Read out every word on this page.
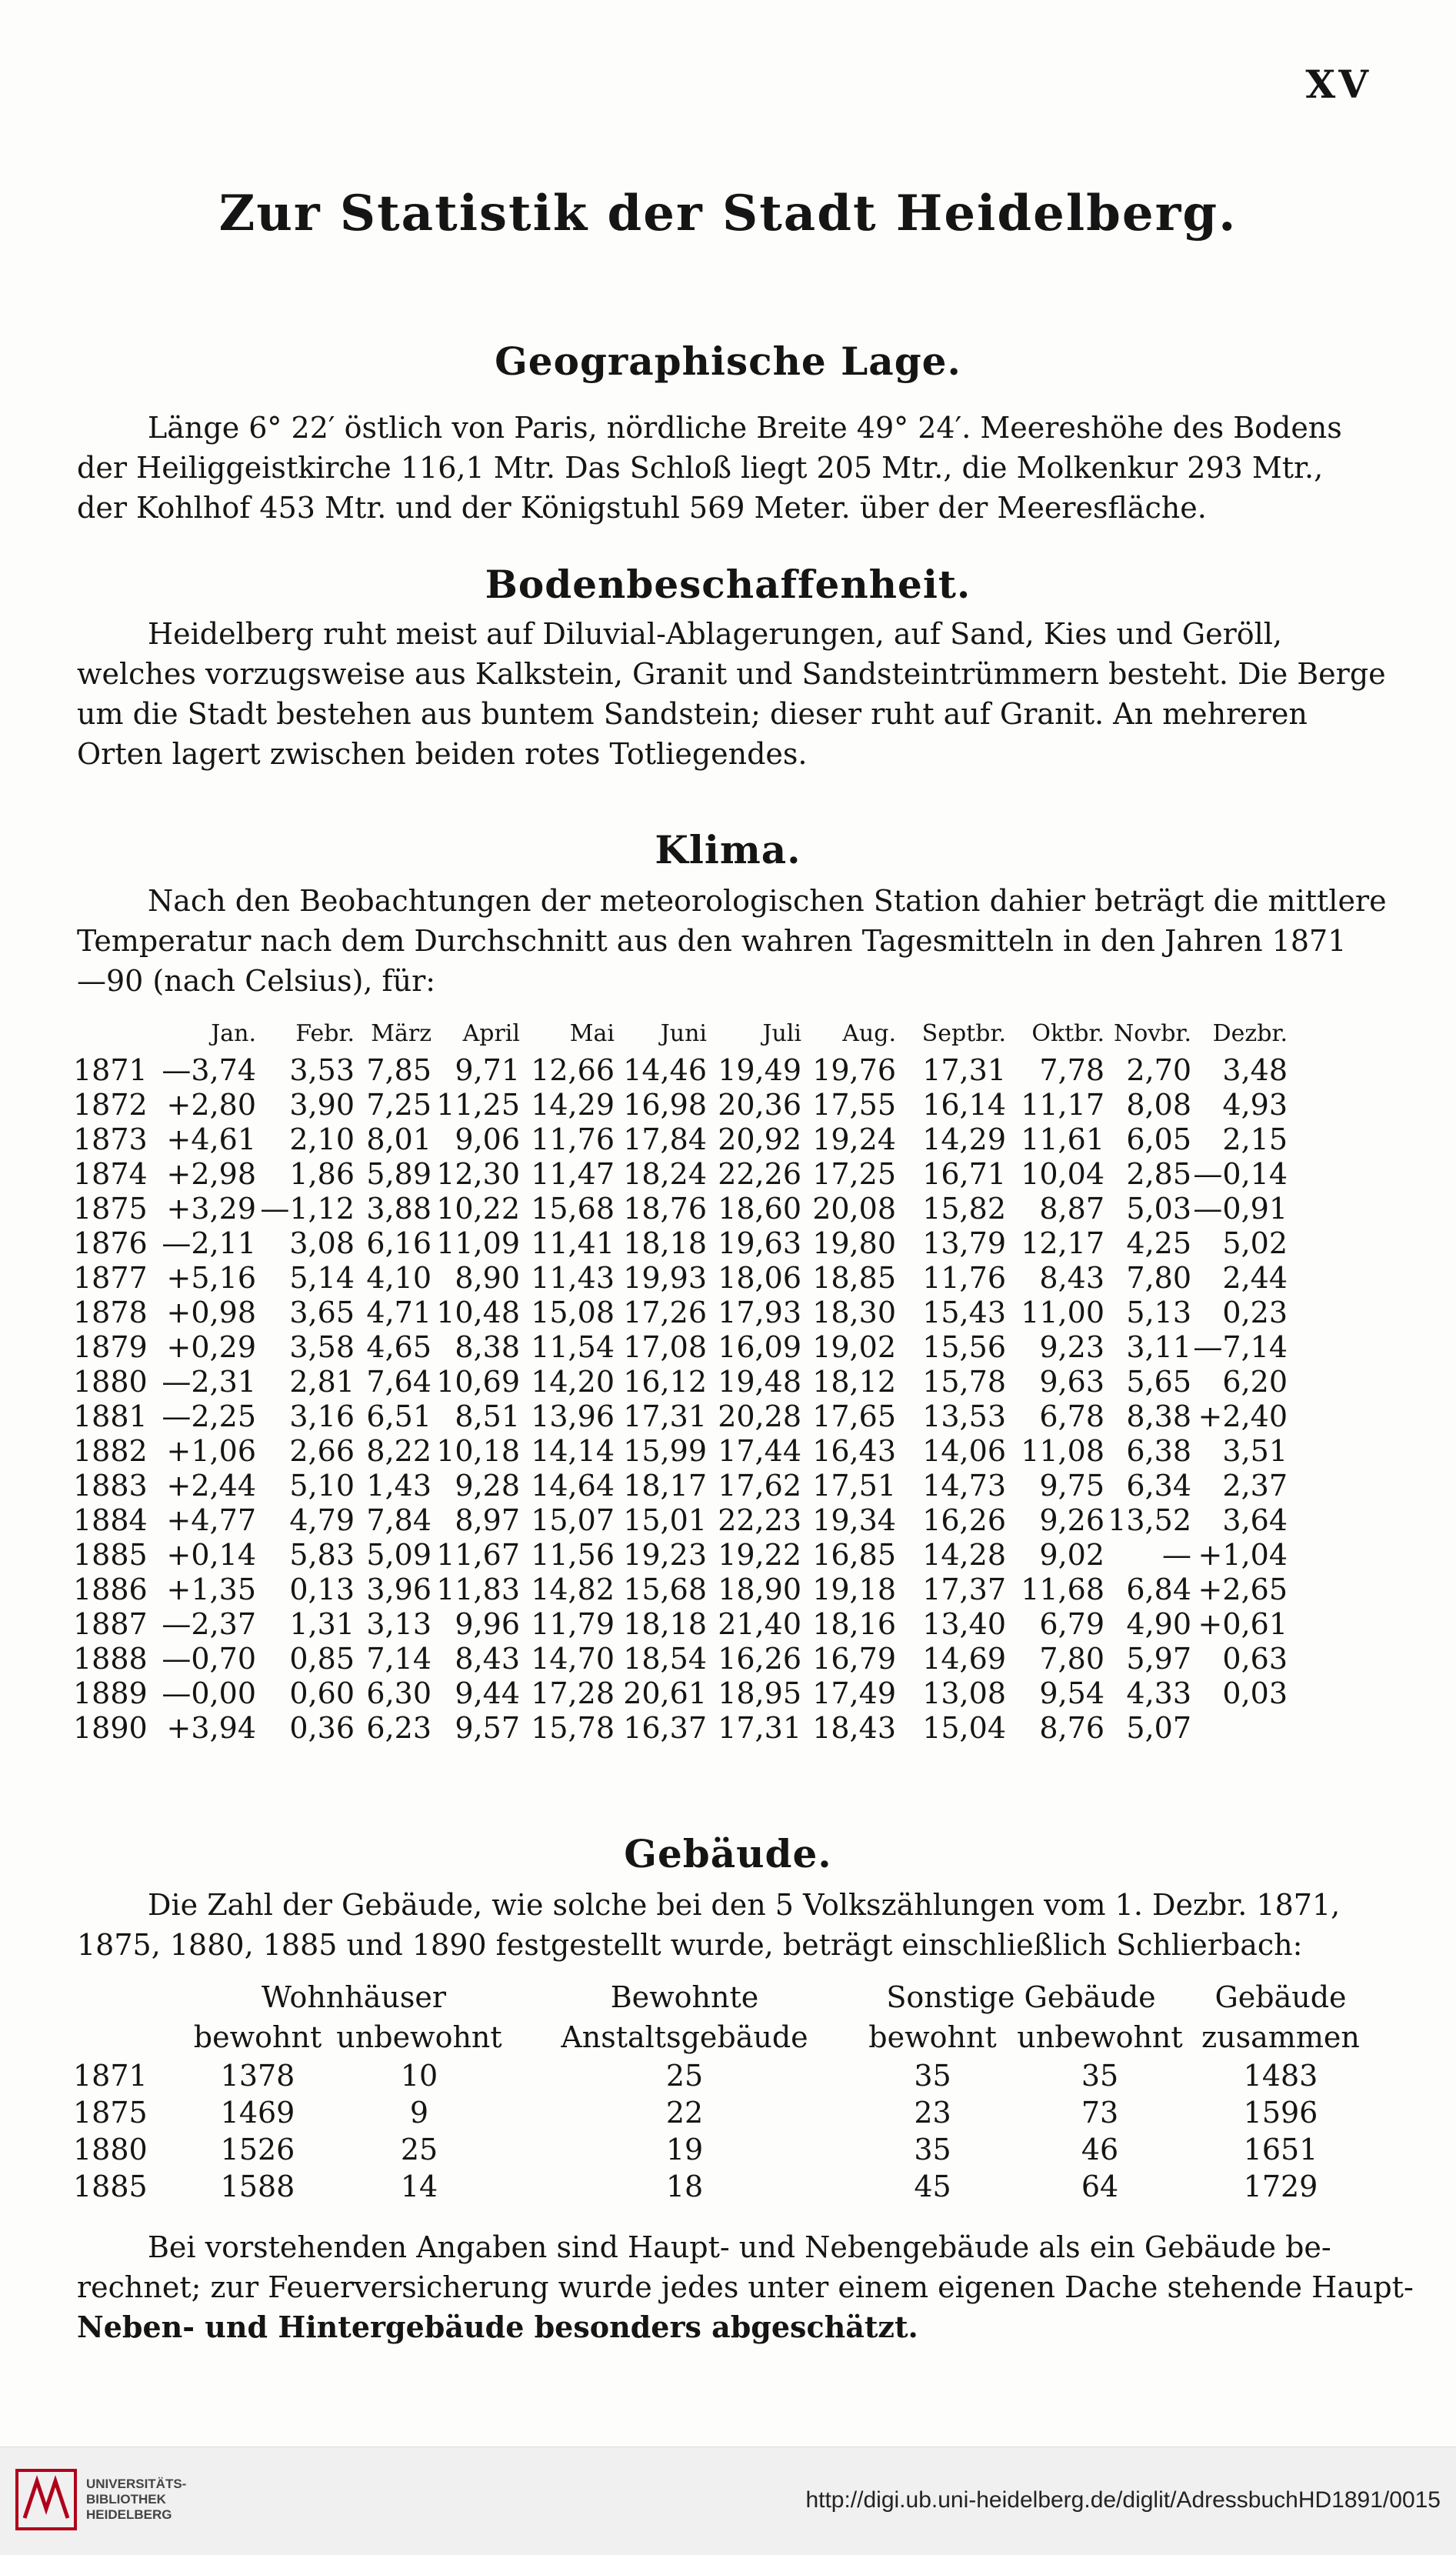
XV
Zur Statistik der Stadt Heidelberg.
Geographische Lage.
Länge 6° 22′ östlich von Paris, nördliche Breite 49° 24′. Meereshöhe des Bodens
der Heiliggeistkirche 116,1 Mtr. Das Schloß liegt 205 Mtr., die Molkenkur 293 Mtr.,
der Kohlhof 453 Mtr. und der Königstuhl 569 Meter. über der Meeresfläche.
Bodenbeschaffenheit.
Heidelberg ruht meist auf Diluvial-Ablagerungen, auf Sand, Kies und Geröll,
welches vorzugsweise aus Kalkstein, Granit und Sandsteintrümmern besteht. Die Berge
um die Stadt bestehen aus buntem Sandstein; dieser ruht auf Granit. An mehreren
Orten lagert zwischen beiden rotes Totliegendes.
Klima.
Nach den Beobachtungen der meteorologischen Station dahier beträgt die mittlere
Temperatur nach dem Durchschnitt aus den wahren Tagesmitteln in den Jahren 1871
—90 (nach Celsius), für:
	Jan.	Febr.	März	April	Mai	Juni	Juli	Aug.	Septbr.	Oktbr.	Novbr.	Dezbr.
1871	—3,74	3,53	7,85	9,71	12,66	14,46	19,49	19,76	17,31	7,78	2,70	3,48
1872	+2,80	3,90	7,25	11,25	14,29	16,98	20,36	17,55	16,14	11,17	8,08	4,93
1873	+4,61	2,10	8,01	9,06	11,76	17,84	20,92	19,24	14,29	11,61	6,05	2,15
1874	+2,98	1,86	5,89	12,30	11,47	18,24	22,26	17,25	16,71	10,04	2,85	—0,14
1875	+3,29	—1,12	3,88	10,22	15,68	18,76	18,60	20,08	15,82	8,87	5,03	—0,91
1876	—2,11	3,08	6,16	11,09	11,41	18,18	19,63	19,80	13,79	12,17	4,25	5,02
1877	+5,16	5,14	4,10	8,90	11,43	19,93	18,06	18,85	11,76	8,43	7,80	2,44
1878	+0,98	3,65	4,71	10,48	15,08	17,26	17,93	18,30	15,43	11,00	5,13	0,23
1879	+0,29	3,58	4,65	8,38	11,54	17,08	16,09	19,02	15,56	9,23	3,11	—7,14
1880	—2,31	2,81	7,64	10,69	14,20	16,12	19,48	18,12	15,78	9,63	5,65	6,20
1881	—2,25	3,16	6,51	8,51	13,96	17,31	20,28	17,65	13,53	6,78	8,38	+2,40
1882	+1,06	2,66	8,22	10,18	14,14	15,99	17,44	16,43	14,06	11,08	6,38	3,51
1883	+2,44	5,10	1,43	9,28	14,64	18,17	17,62	17,51	14,73	9,75	6,34	2,37
1884	+4,77	4,79	7,84	8,97	15,07	15,01	22,23	19,34	16,26	9,26	13,52	3,64
1885	+0,14	5,83	5,09	11,67	11,56	19,23	19,22	16,85	14,28	9,02	—	+1,04
1886	+1,35	0,13	3,96	11,83	14,82	15,68	18,90	19,18	17,37	11,68	6,84	+2,65
1887	—2,37	1,31	3,13	9,96	11,79	18,18	21,40	18,16	13,40	6,79	4,90	+0,61
1888	—0,70	0,85	7,14	8,43	14,70	18,54	16,26	16,79	14,69	7,80	5,97	0,63
1889	—0,00	0,60	6,30	9,44	17,28	20,61	18,95	17,49	13,08	9,54	4,33	0,03
1890	+3,94	0,36	6,23	9,57	15,78	16,37	17,31	18,43	15,04	8,76	5,07	
Gebäude.
Die Zahl der Gebäude, wie solche bei den 5 Volkszählungen vom 1. Dezbr. 1871,
1875, 1880, 1885 und 1890 festgestellt wurde, beträgt einschließlich Schlierbach:
	Wohnhäuser		Bewohnte	Sonstige Gebäude		Gebäude
	bewohnt	unbewohnt	Anstaltsgebäude	bewohnt	unbewohnt	zusammen
1871	1378	10	25	35	35	1483
1875	1469	9	22	23	73	1596
1880	1526	25	19	35	46	1651
1885	1588	14	18	45	64	1729
Bei vorstehenden Angaben sind Haupt- und Nebengebäude als ein Gebäude be-
rechnet; zur Feuerversicherung wurde jedes unter einem eigenen Dache stehende Haupt-
Neben- und Hintergebäude besonders abgeschätzt.
UNIVERSITÄTS-
BIBLIOTHEK
HEIDELBERG
http://digi.ub.uni-heidelberg.de/diglit/AdressbuchHD1891/0015
